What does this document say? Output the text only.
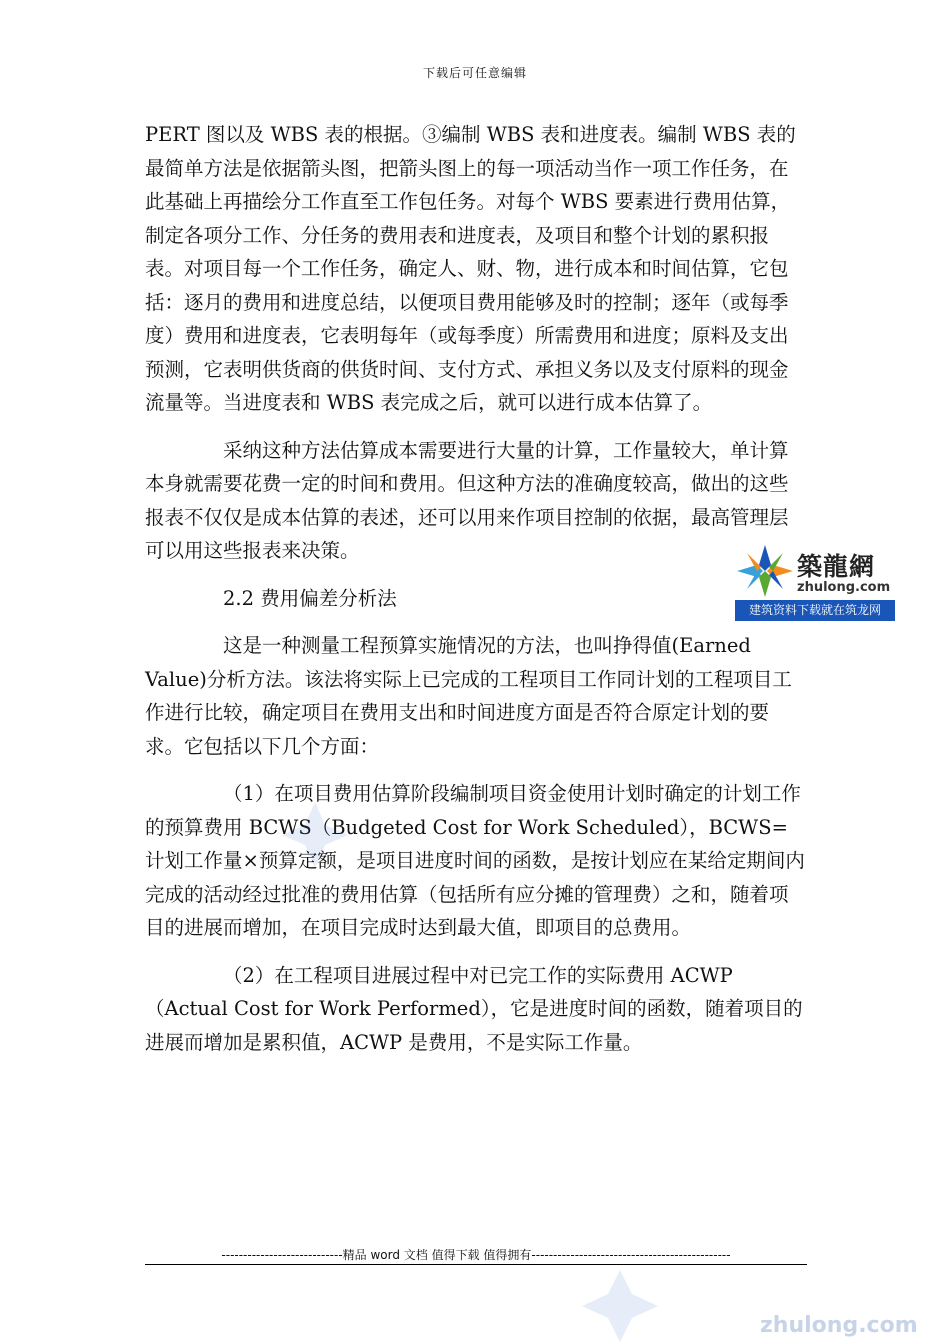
下载后可任意编辑

PERT 图以及 WBS 表的根据。③编制 WBS 表和进度表。编制 WBS 表的最简单方法是依据箭头图，把箭头图上的每一项活动当作一项工作任务，在此基础上再描绘分工作直至工作包任务。对每个 WBS 要素进行费用估算，制定各项分工作、分任务的费用表和进度表，及项目和整个计划的累积报表。对项目每一个工作任务，确定人、财、物，进行成本和时间估算，它包括：逐月的费用和进度总结，以便项目费用能够及时的控制；逐年（或每季度）费用和进度表，它表明每年（或每季度）所需费用和进度；原料及支出预测，它表明供货商的供货时间、支付方式、承担义务以及支付原料的现金流量等。当进度表和 WBS 表完成之后，就可以进行成本估算了。

采纳这种方法估算成本需要进行大量的计算，工作量较大，单计算本身就需要花费一定的时间和费用。但这种方法的准确度较高，做出的这些报表不仅仅是成本估算的表述，还可以用来作项目控制的依据，最高管理层可以用这些报表来决策。

2.2 费用偏差分析法

这是一种测量工程预算实施情况的方法，也叫挣得值(Earned Value)分析方法。该法将实际上已完成的工程项目工作同计划的工程项目工作进行比较，确定项目在费用支出和时间进度方面是否符合原定计划的要求。它包括以下几个方面：

（1）在项目费用估算阶段编制项目资金使用计划时确定的计划工作的预算费用 BCWS（Budgeted Cost for Work Scheduled），BCWS=计划工作量×预算定额，是项目进度时间的函数，是按计划应在某给定期间内完成的活动经过批准的费用估算（包括所有应分摊的管理费）之和，随着项目的进展而增加，在项目完成时达到最大值，即项目的总费用。

（2）在工程项目进展过程中对已完工作的实际费用 ACWP（Actual Cost for Work Performed），它是进度时间的函数，随着项目的进展而增加是累积值，ACWP 是费用，不是实际工作量。

zhulong.com
築龍網
zhulong.com
建筑资料下载就在筑龙网
----------------------------精品 word 文档 值得下载 值得拥有----------------------------------------------
